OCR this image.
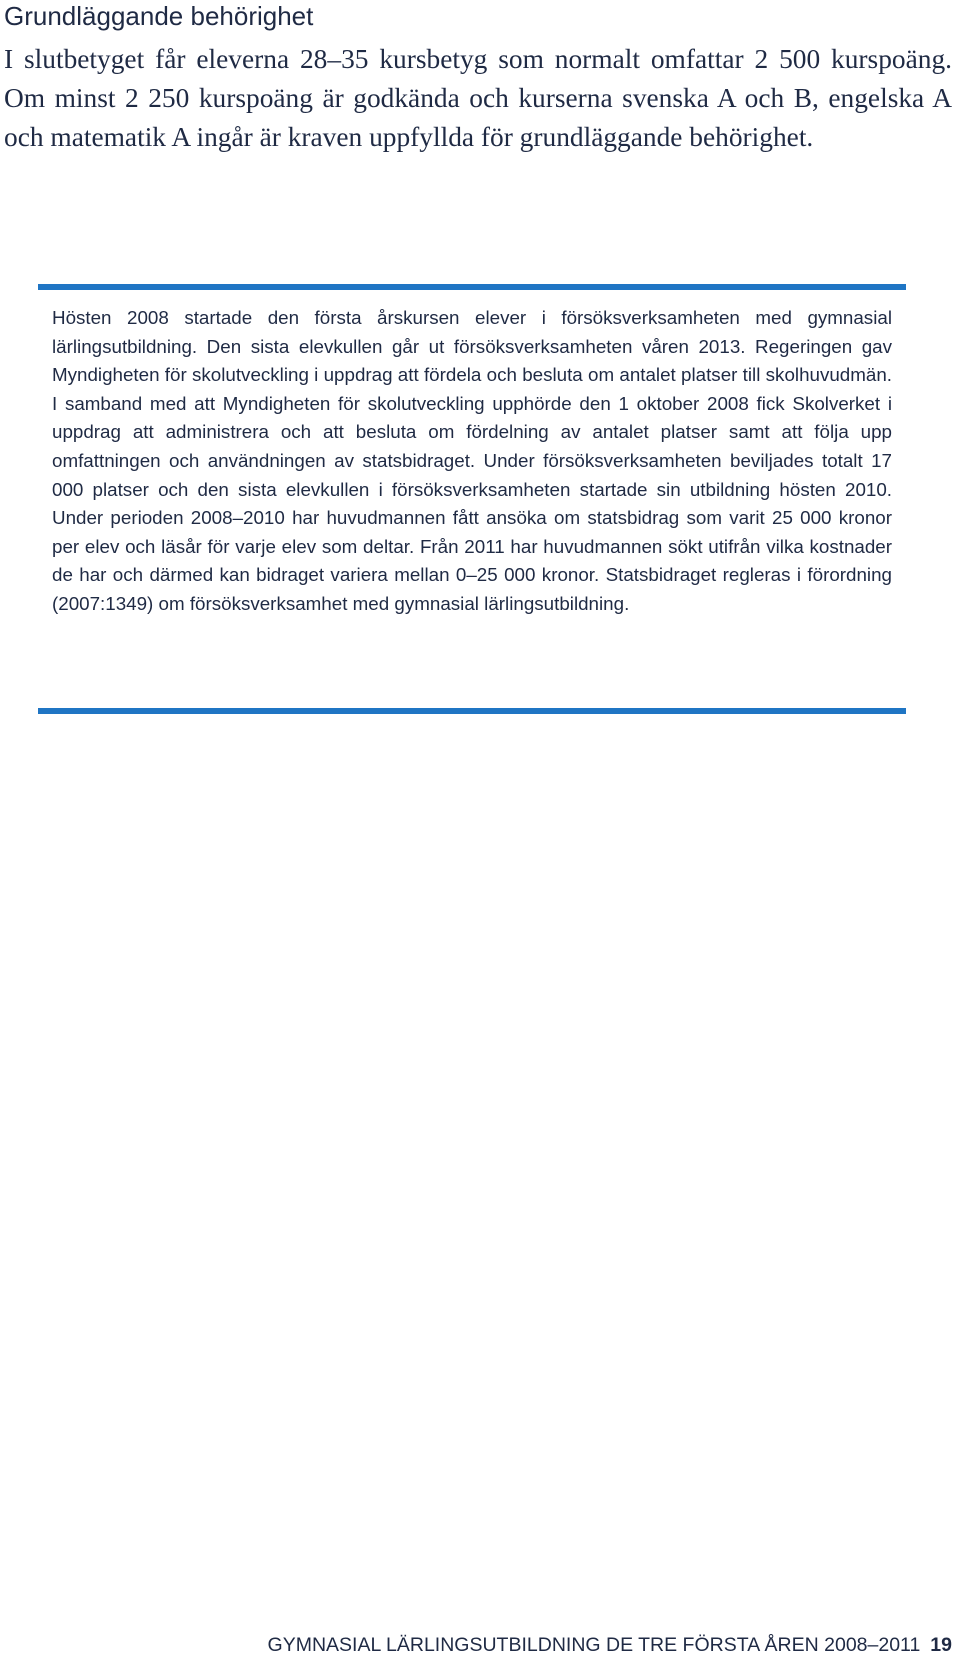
Grundläggande behörighet

I slutbetyget får eleverna 28–35 kursbetyg som normalt omfattar 2 500 kurspoäng. Om minst 2 250 kurspoäng är godkända och kurserna svenska A och B, engelska A och matematik A ingår är kraven uppfyllda för grundläggande behörighet.

Hösten 2008 startade den första årskursen elever i försöksverksamheten med gymnasial lärlingsutbildning. Den sista elevkullen går ut försöksverksamheten våren 2013. Regeringen gav Myndigheten för skolutveckling i uppdrag att fördela och besluta om antalet platser till skolhuvudmän. I samband med att Myndigheten för skolutveckling upphörde den 1 oktober 2008 fick Skolverket i uppdrag att administrera och att besluta om fördelning av antalet platser samt att följa upp omfattningen och användningen av statsbidraget. Under försöksverksamheten beviljades totalt 17 000 platser och den sista elevkullen i försöksverksamheten startade sin utbildning hösten 2010. Under perioden 2008–2010 har huvudmannen fått ansöka om statsbidrag som varit 25 000 kronor per elev och läsår för varje elev som deltar. Från 2011 har huvudmannen sökt utifrån vilka kostnader de har och därmed kan bidraget variera mellan 0–25 000 kronor. Statsbidraget regleras i förordning (2007:1349) om försöksverksamhet med gymnasial lärlingsutbildning.

GYMNASIAL LÄRLINGSUTBILDNING DE TRE FÖRSTA ÅREN 2008–2011 19
